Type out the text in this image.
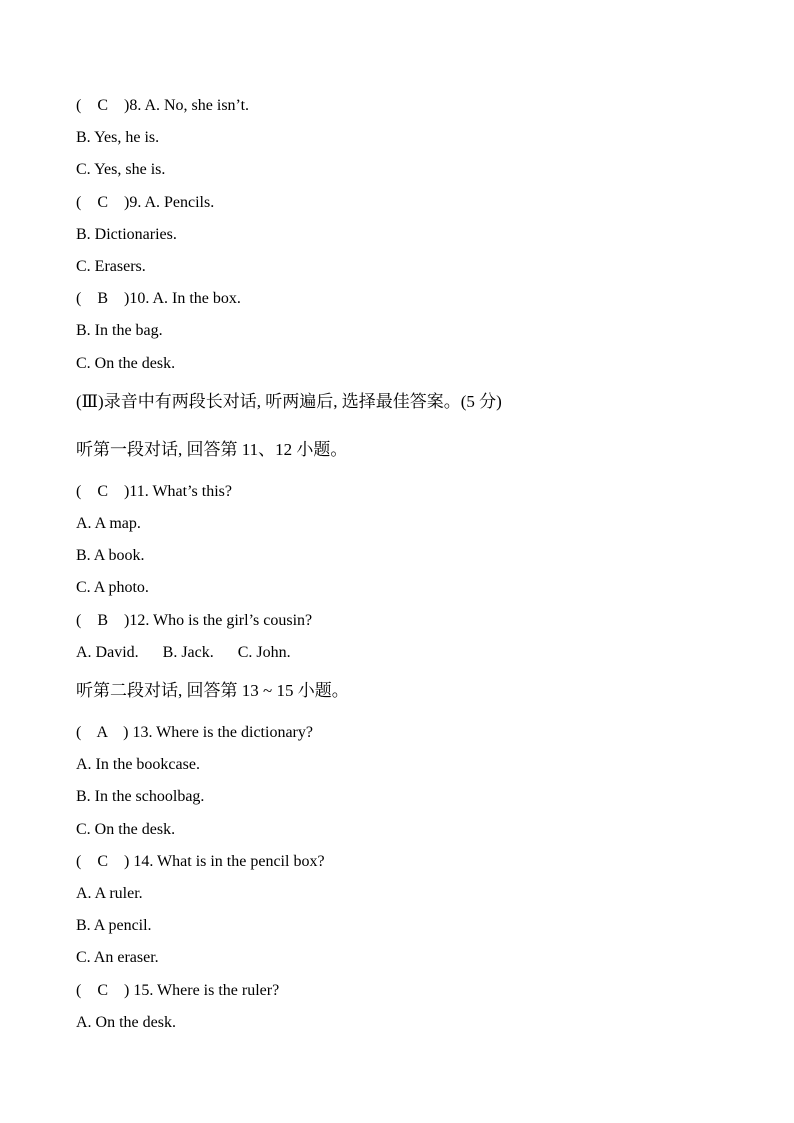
(    C    )8. A. No, she isn’t.
B. Yes, he is.
C. Yes, she is.
(    C    )9. A. Pencils.
B. Dictionaries.
C. Erasers.
(    B    )10. A. In the box.
B. In the bag.
C. On the desk.
(Ⅲ)录音中有两段长对话, 听两遍后, 选择最佳答案。(5 分)
听第一段对话, 回答第 11、12 小题。
(    C    )11. What’s this?
A. A map.
B. A book.
C. A photo.
(    B    )12. Who is the girl’s cousin?
A. David.      B. Jack.      C. John.
听第二段对话, 回答第 13 ~ 15 小题。
(    A    ) 13. Where is the dictionary?
A. In the bookcase.
B. In the schoolbag.
C. On the desk.
(    C    ) 14. What is in the pencil box?
A. A ruler.
B. A pencil.
C. An eraser.
(    C    ) 15. Where is the ruler?
A. On the desk.
